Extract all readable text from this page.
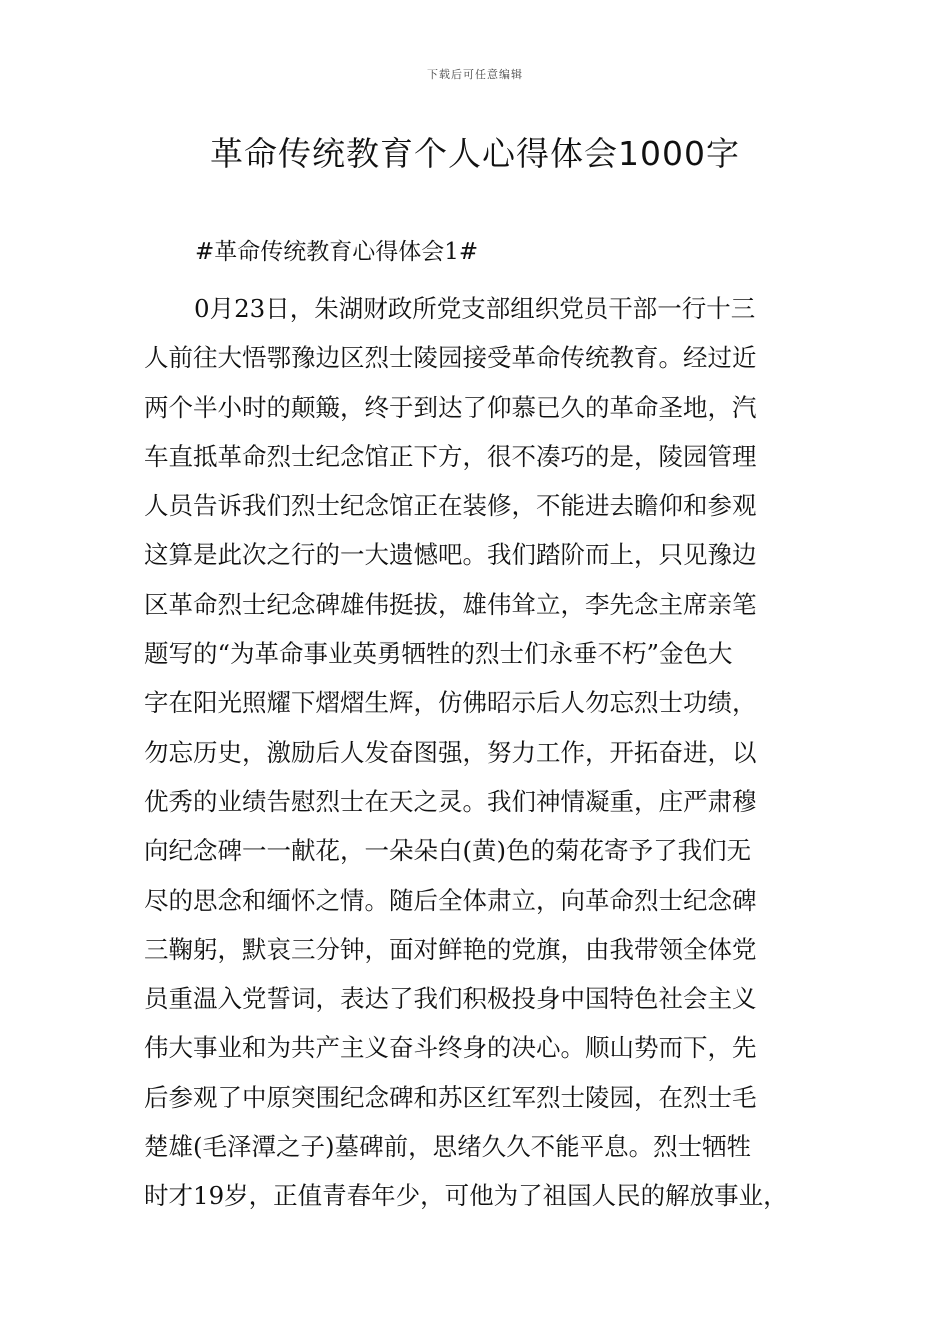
下载后可任意编辑
革命传统教育个人心得体会1000字
#革命传统教育心得体会1#
0月23日，朱湖财政所党支部组织党员干部一行十三
人前往大悟鄂豫边区烈士陵园接受革命传统教育。经过近
两个半小时的颠簸，终于到达了仰慕已久的革命圣地，汽
车直抵革命烈士纪念馆正下方，很不凑巧的是，陵园管理
人员告诉我们烈士纪念馆正在装修，不能进去瞻仰和参观
这算是此次之行的一大遗憾吧。我们踏阶而上，只见豫边
区革命烈士纪念碑雄伟挺拔，雄伟耸立，李先念主席亲笔
题写的“为革命事业英勇牺牲的烈士们永垂不朽”金色大
字在阳光照耀下熠熠生辉，仿佛昭示后人勿忘烈士功绩，
勿忘历史，激励后人发奋图强，努力工作，开拓奋进，以
优秀的业绩告慰烈士在天之灵。我们神情凝重，庄严肃穆
向纪念碑一一献花，一朵朵白(黄)色的菊花寄予了我们无
尽的思念和缅怀之情。随后全体肃立，向革命烈士纪念碑
三鞠躬，默哀三分钟，面对鲜艳的党旗，由我带领全体党
员重温入党誓词，表达了我们积极投身中国特色社会主义
伟大事业和为共产主义奋斗终身的决心。顺山势而下，先
后参观了中原突围纪念碑和苏区红军烈士陵园，在烈士毛
楚雄(毛泽潭之子)墓碑前，思绪久久不能平息。烈士牺牲
时才19岁，正值青春年少，可他为了祖国人民的解放事业，
